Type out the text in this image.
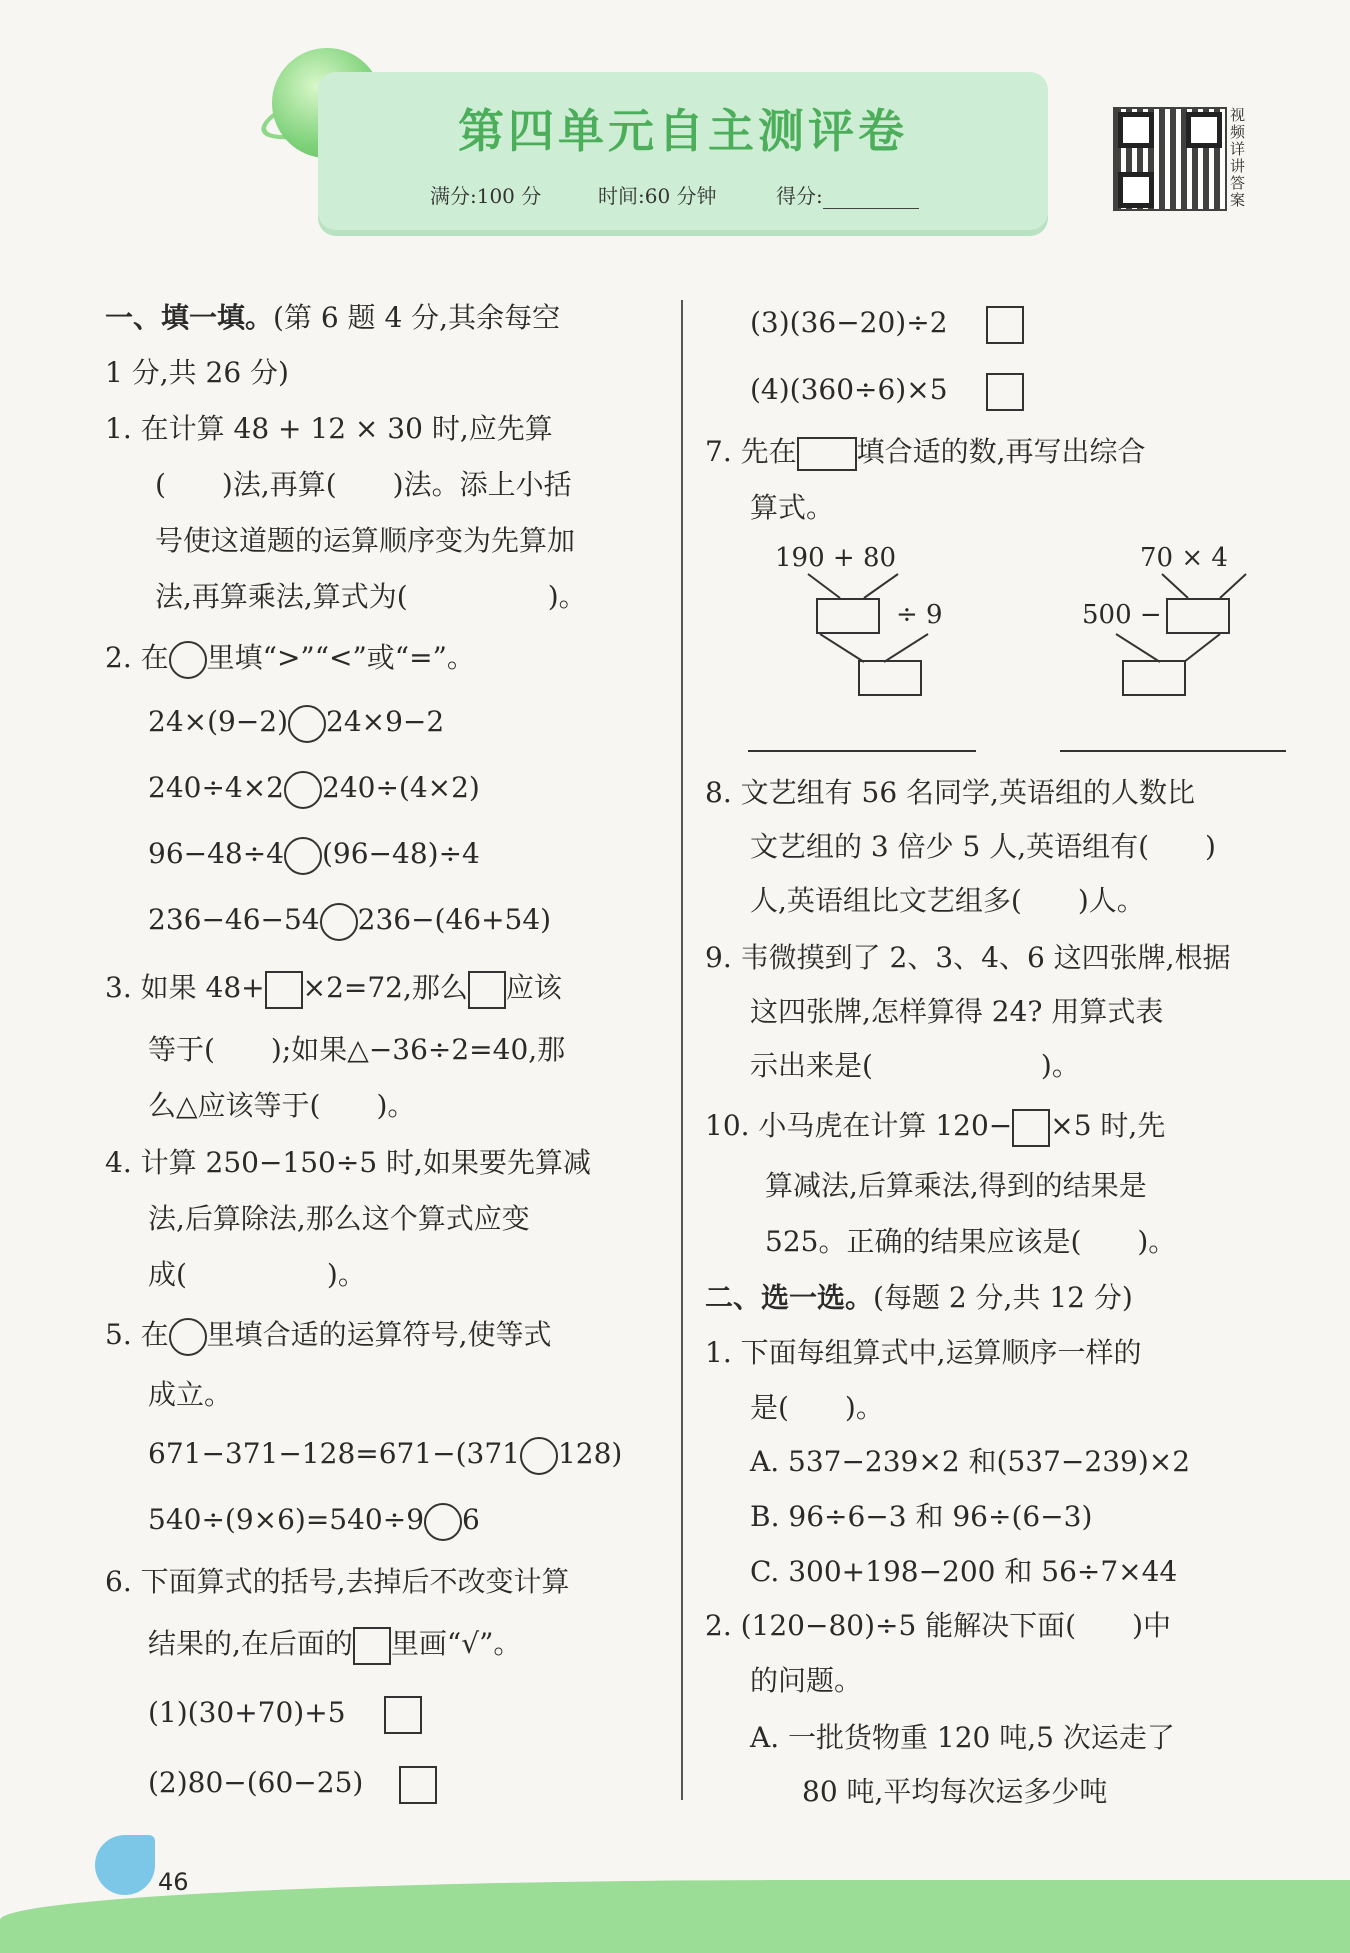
第四单元自主测评卷
满分:100 分	时间:60 分钟	得分:
视频详讲答案
一、填一填。(第 6 题 4 分,其余每空
1 分,共 26 分)
1. 在计算 48 + 12 × 30 时,应先算
(　　)法,再算(　　)法。添上小括
号使这道题的运算顺序变为先算加
法,再算乘法,算式为(　　　　　)。
2. 在 里填“>”“<”或“=”。
24×(9−2) 24×9−2
240÷4×2 240÷(4×2)
96−48÷4 (96−48)÷4
236−46−54 236−(46+54)
3. 如果 48+ ×2=72,那么 应该
等于(　　);如果△−36÷2=40,那
么△应该等于(　　)。
4. 计算 250−150÷5 时,如果要先算减
法,后算除法,那么这个算式应变
成(　　　　　)。
5. 在 里填合适的运算符号,使等式
成立。
671−371−128=671−(371 128)
540÷(9×6)=540÷9 6
6. 下面算式的括号,去掉后不改变计算
结果的,在后面的 里画“√”。
(1)(30+70)+5
(2)80−(60−25)
(3)(36−20)÷2
(4)(360÷6)×5
7. 先在 填合适的数,再写出综合
算式。
190 + 80
÷ 9
70 × 4
500 −
8. 文艺组有 56 名同学,英语组的人数比
文艺组的 3 倍少 5 人,英语组有(　　)
人,英语组比文艺组多(　　)人。
9. 韦微摸到了 2、3、4、6 这四张牌,根据
这四张牌,怎样算得 24? 用算式表
示出来是(　　　　　　)。
10. 小马虎在计算 120− ×5 时,先
算减法,后算乘法,得到的结果是
525。正确的结果应该是(　　)。
二、选一选。(每题 2 分,共 12 分)
1. 下面每组算式中,运算顺序一样的
是(　　)。
A. 537−239×2 和(537−239)×2
B. 96÷6−3 和 96÷(6−3)
C. 300+198−200 和 56÷7×44
2. (120−80)÷5 能解决下面(　　)中
的问题。
A. 一批货物重 120 吨,5 次运走了
80 吨,平均每次运多少吨
46
